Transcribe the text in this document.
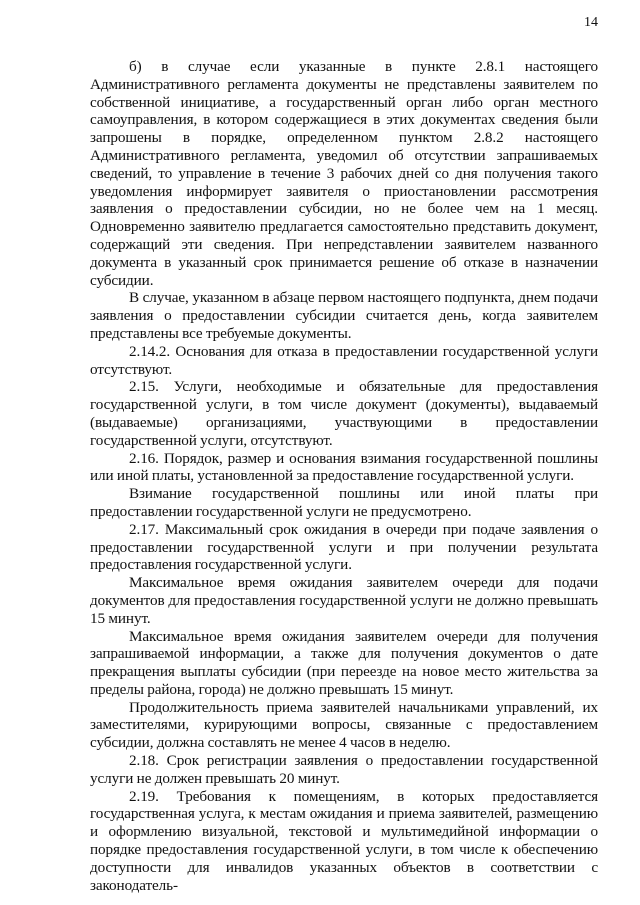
14

б) в случае если указанные в пункте 2.8.1 настоящего Административного регламента документы не представлены заявителем по собственной инициативе, а государственный орган либо орган местного самоуправления, в котором содержащиеся в этих документах сведения были запрошены в порядке, определенном пунктом 2.8.2 настоящего Административного регламента, уведомил об отсутствии запрашиваемых сведений, то управление в течение 3 рабочих дней со дня получения такого уведомления информирует заявителя о приостановлении рассмотрения заявления о предоставлении субсидии, но не более чем на 1 месяц. Одновременно заявителю предлагается самостоятельно представить документ, содержащий эти сведения. При непредставлении заявителем названного документа в указанный срок принимается решение об отказе в назначении субсидии.

В случае, указанном в абзаце первом настоящего подпункта, днем подачи заявления о предоставлении субсидии считается день, когда заявителем представлены все требуемые документы.

2.14.2. Основания для отказа в предоставлении государственной услуги отсутствуют.

2.15. Услуги, необходимые и обязательные для предоставления государственной услуги, в том числе документ (документы), выдаваемый (выдаваемые) организациями, участвующими в предоставлении государственной услуги, отсутствуют.

2.16. Порядок, размер и основания взимания государственной пошлины или иной платы, установленной за предоставление государственной услуги.

Взимание государственной пошлины или иной платы при предоставлении государственной услуги не предусмотрено.

2.17. Максимальный срок ожидания в очереди при подаче заявления о предоставлении государственной услуги и при получении результата предоставления государственной услуги.

Максимальное время ожидания заявителем очереди для подачи документов для предоставления государственной услуги не должно превышать 15 минут.

Максимальное время ожидания заявителем очереди для получения запрашиваемой информации, а также для получения документов о дате прекращения выплаты субсидии (при переезде на новое место жительства за пределы района, города) не должно превышать 15 минут.

Продолжительность приема заявителей начальниками управлений, их заместителями, курирующими вопросы, связанные с предоставлением субсидии, должна составлять не менее 4 часов в неделю.

2.18. Срок регистрации заявления о предоставлении государственной услуги не должен превышать 20 минут.

2.19. Требования к помещениям, в которых предоставляется государственная услуга, к местам ожидания и приема заявителей, размещению и оформлению визуальной, текстовой и мультимедийной информации о порядке предоставления государственной услуги, в том числе к обеспечению доступности для инвалидов указанных объектов в соответствии с законодатель-
